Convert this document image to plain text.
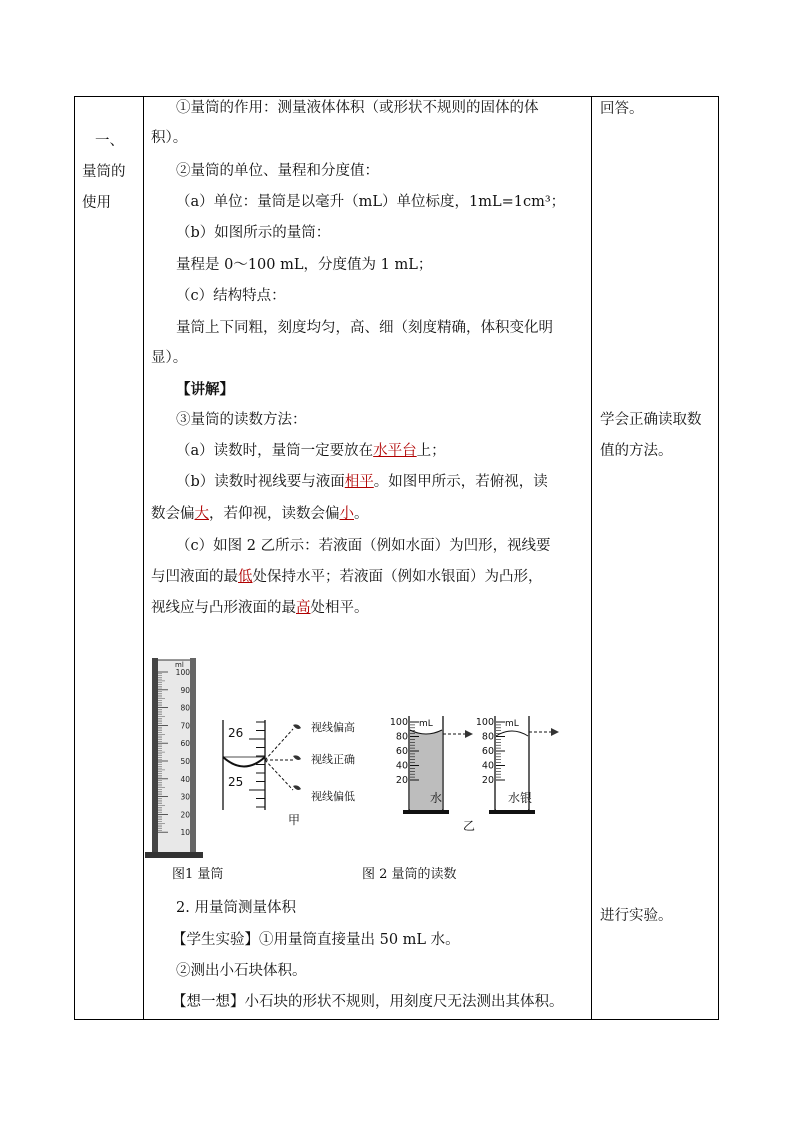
一、
量筒的
使用
①量筒的作用：测量液体体积（或形状不规则的固体的体
积）。
②量筒的单位、量程和分度值：
（a）单位：量筒是以毫升（mL）单位标度，1mL=1cm³；
（b）如图所示的量筒：
量程是 0～100 mL，分度值为 1 mL；
（c）结构特点：
量筒上下同粗，刻度均匀，高、细（刻度精确，体积变化明
显）。
【讲解】
③量筒的读数方法：
（a）读数时，量筒一定要放在水平台上；
（b）读数时视线要与液面相平。如图甲所示，若俯视，读
数会偏大，若仰视，读数会偏小。
（c）如图 2 乙所示：若液面（例如水面）为凹形，视线要
与凹液面的最低处保持水平；若液面（例如水银面）为凸形，
视线应与凸形液面的最高处相平。
ml
100
90
80
70
60
50
40
30
20
10
26
25
视线偏高
视线正确
视线偏低
甲
mL
100
80
60
40
20
水
mL
100
80
60
40
20
水银
乙
图1 量筒	图 2 量筒的读数
2. 用量筒测量体积
【学生实验】①用量筒直接量出 50 mL 水。
②测出小石块体积。
【想一想】小石块的形状不规则，用刻度尺无法测出其体积。
回答。
学会正确读取数
值的方法。
进行实验。
